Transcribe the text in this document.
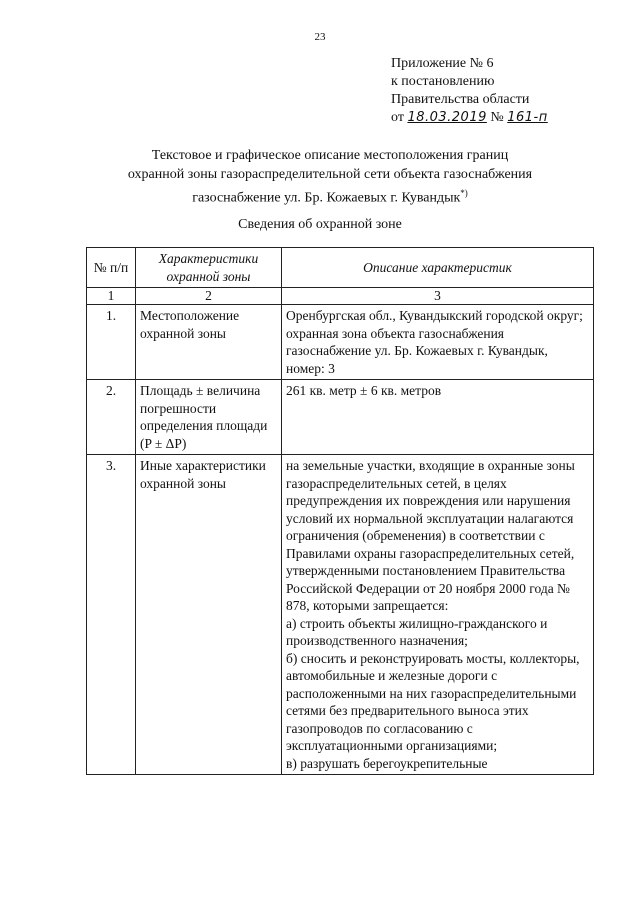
23
Приложение № 6
к постановлению
Правительства области
от 18.03.2019 № 161-п
Текстовое и графическое описание местоположения границ
охранной зоны газораспределительной сети объекта газоснабжения
газоснабжение ул. Бр. Кожаевых г. Кувандык*)
Сведения об охранной зоне
№ п/п	Характеристики охранной зоны	Описание характеристик
1	2	3
1.	Местоположение охранной зоны	Оренбургская обл., Кувандыкский городской округ; охранная зона объекта газоснабжения газоснабжение ул. Бр. Кожаевых г. Кувандык, номер: 3
2.	Площадь ± величина погрешности определения площади (P ± ΔP)	261 кв. метр ± 6 кв. метров
3.	Иные характеристики охранной зоны	на земельные участки, входящие в охранные зоны газораспределительных сетей, в целях предупреждения их повреждения или нарушения условий их нормальной эксплуатации налагаются ограничения (обременения) в соответствии с Правилами охраны газораспределительных сетей, утвержденными постановлением Правительства Российской Федерации от 20 ноября 2000 года № 878, которыми запрещается:
а) строить объекты жилищно-гражданского и производственного назначения;
б) сносить и реконструировать мосты, коллекторы, автомобильные и железные дороги с расположенными на них газораспределительными сетями без предварительного выноса этих газопроводов по согласованию с эксплуатационными организациями;
в) разрушать берегоукрепительные
